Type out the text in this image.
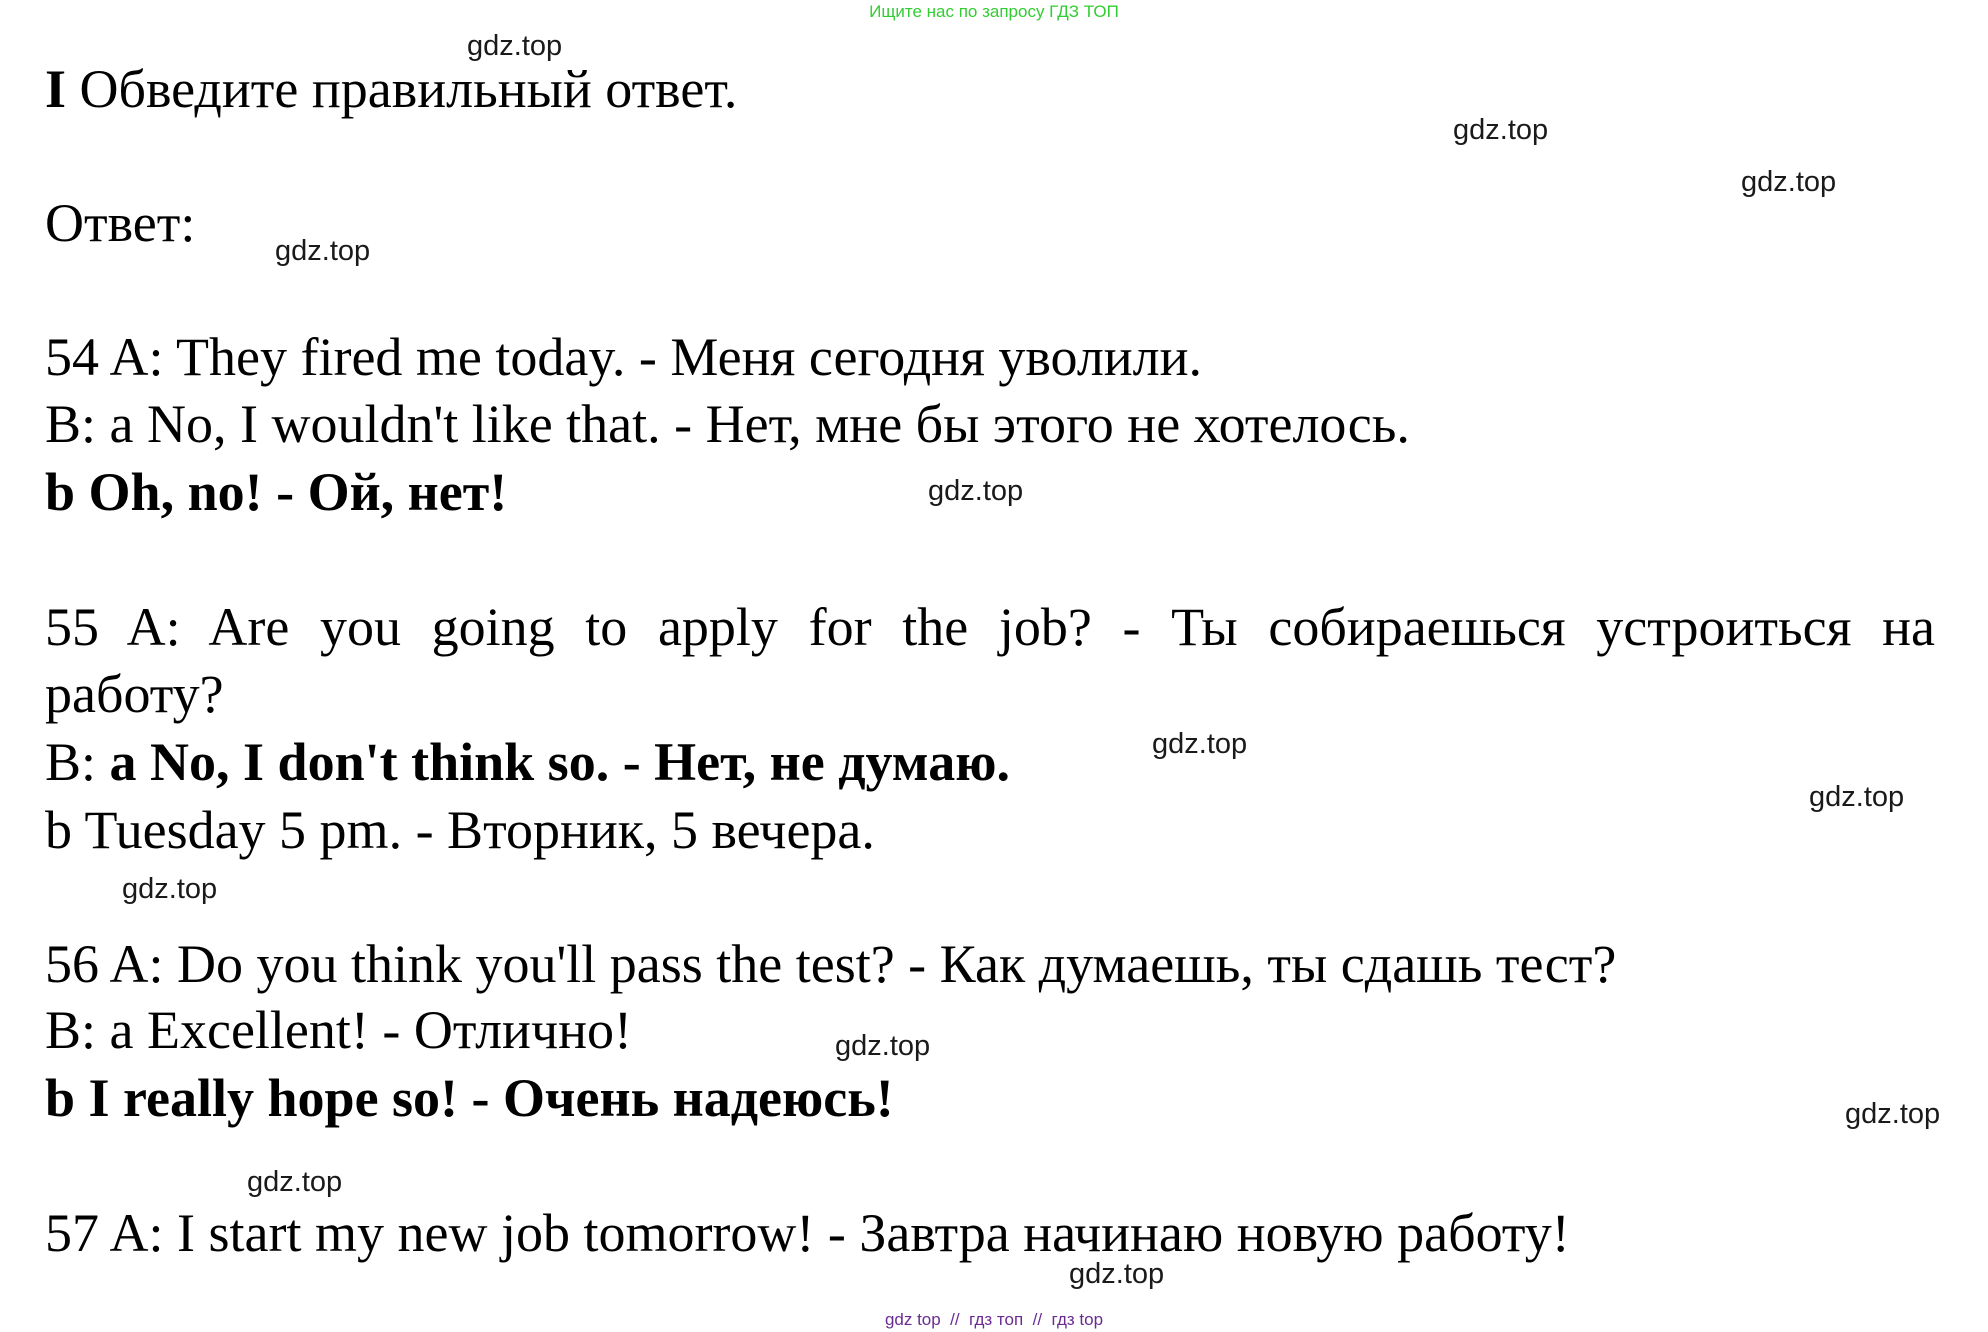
Ищите нас по запросу ГДЗ ТОП
gdz.top
gdz.top
gdz.top
gdz.top
gdz.top
gdz.top
gdz.top
gdz.top
gdz.top
gdz.top
gdz.top
gdz.top
I Обведите правильный ответ.
Ответ:
54 A: They fired me today. - Меня сегодня уволили.
B: a No, I wouldn't like that. - Нет, мне бы этого не хотелось.
b Oh, no! - Ой, нет!
55 A: Are you going to apply for the job? - Ты собираешься устроиться на
работу?
B: a No, I don't think so. - Нет, не думаю.
b Tuesday 5 pm. - Вторник, 5 вечера.
56 A: Do you think you'll pass the test? - Как думаешь, ты сдашь тест?
B: a Excellent! - Отлично!
b I really hope so! - Очень надеюсь!
57 A: I start my new job tomorrow! - Завтра начинаю новую работу!
gdz top  //  гдз топ  //  гдз top
